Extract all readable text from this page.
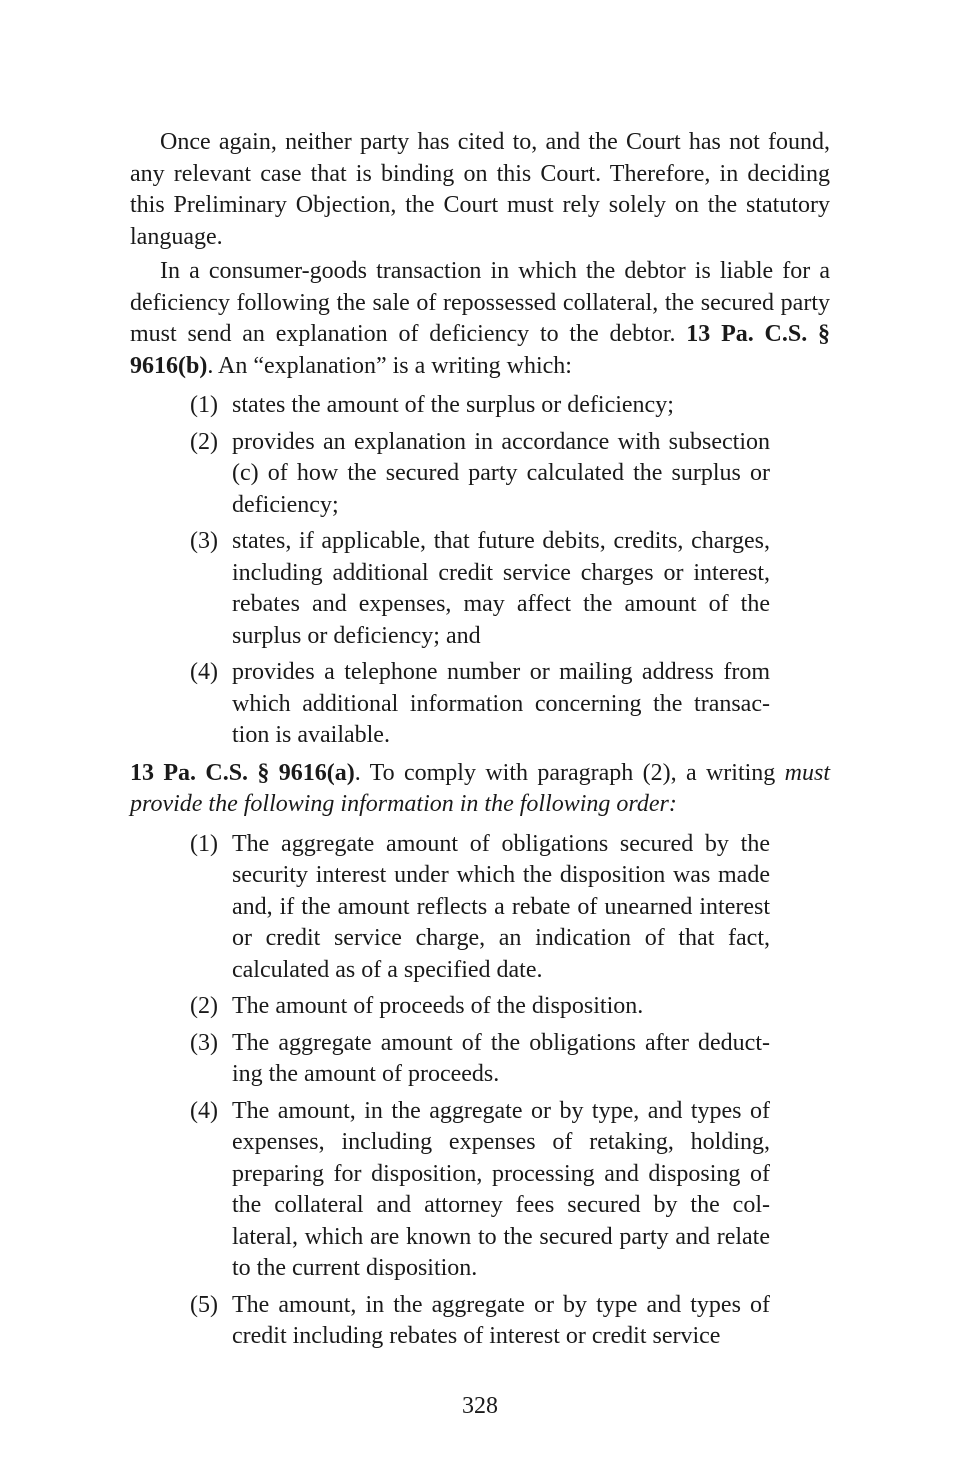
Once again, neither party has cited to, and the Court has not found, any relevant case that is binding on this Court. Therefore, in deciding this Preliminary Objection, the Court must rely solely on the statutory language.

In a consumer-goods transaction in which the debtor is liable for a deficiency following the sale of repossessed collateral, the secured party must send an explanation of deficiency to the debtor. 13 Pa. C.S. § 9616(b). An “explanation” is a writing which:

(1) states the amount of the surplus or deficiency;
(2) provides an explanation in accordance with subsection (c) of how the secured party calculated the surplus or deficiency;
(3) states, if applicable, that future debits, credits, charges, including additional credit service charges or interest, rebates and expenses, may affect the amount of the surplus or deficiency; and
(4) provides a telephone number or mailing address from which additional information concerning the transaction is available.

13 Pa. C.S. § 9616(a). To comply with paragraph (2), a writing must provide the following information in the following order:

(1) The aggregate amount of obligations secured by the security interest under which the disposition was made and, if the amount reflects a rebate of unearned interest or credit service charge, an indication of that fact, calculated as of a specified date.
(2) The amount of proceeds of the disposition.
(3) The aggregate amount of the obligations after deducting the amount of proceeds.
(4) The amount, in the aggregate or by type, and types of expenses, including expenses of retaking, holding, preparing for disposition, processing and disposing of the collateral and attorney fees secured by the collateral, which are known to the secured party and relate to the current disposition.
(5) The amount, in the aggregate or by type and types of credit including rebates of interest or credit service
328
